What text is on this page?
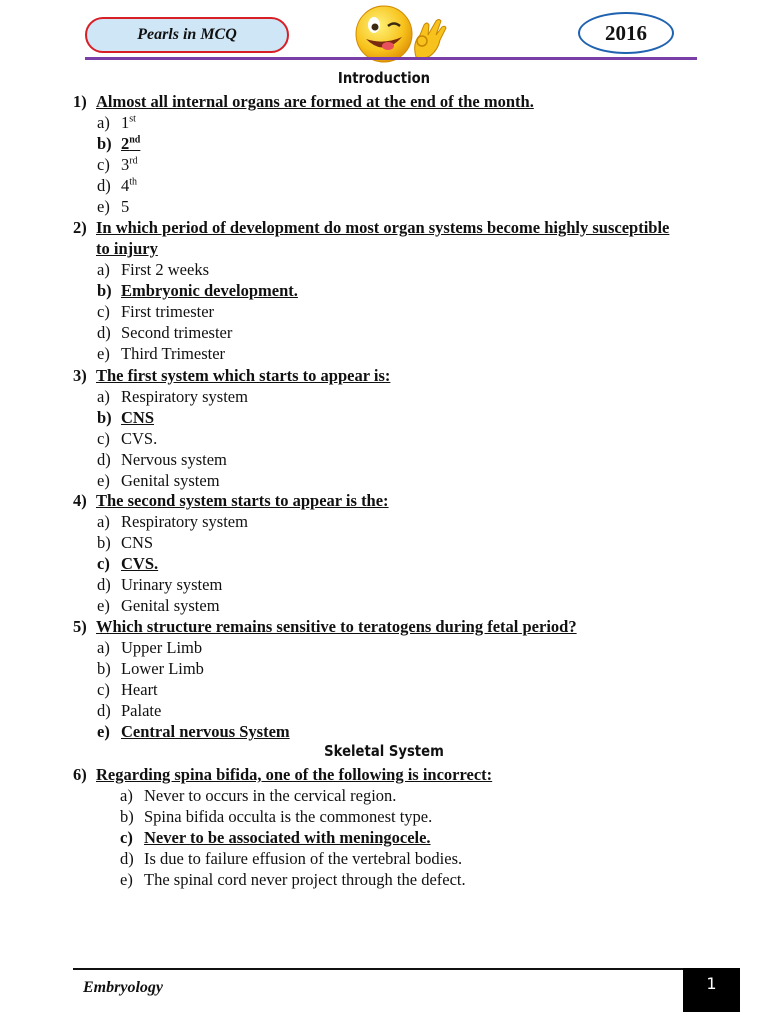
Pearls in MCQ	2016
Introduction
Skeletal System
1) Almost all internal organs are formed at the end of the month.
a) 1st
b) 2nd
c) 3rd
d) 4th
e) 5
2) In which period of development do most organ systems become highly susceptible to injury
a) First 2 weeks
b) Embryonic development.
c) First trimester
d) Second trimester
e) Third Trimester
3) The first system which starts to appear is:
a) Respiratory system
b) CNS
c) CVS.
d) Nervous system
e) Genital system
4) The second system starts to appear is the:
a) Respiratory system
b) CNS
c) CVS.
d) Urinary system
e) Genital system
5) Which structure remains sensitive to teratogens during fetal period?
a) Upper Limb
b) Lower Limb
c) Heart
d) Palate
e) Central nervous System
6) Regarding spina bifida, one of the following is incorrect:
a) Never to occurs in the cervical region.
b) Spina bifida occulta is the commonest type.
c) Never to be associated with meningocele.
d) Is due to failure effusion of the vertebral bodies.
e) The spinal cord never project through the defect.
Embryology	1
